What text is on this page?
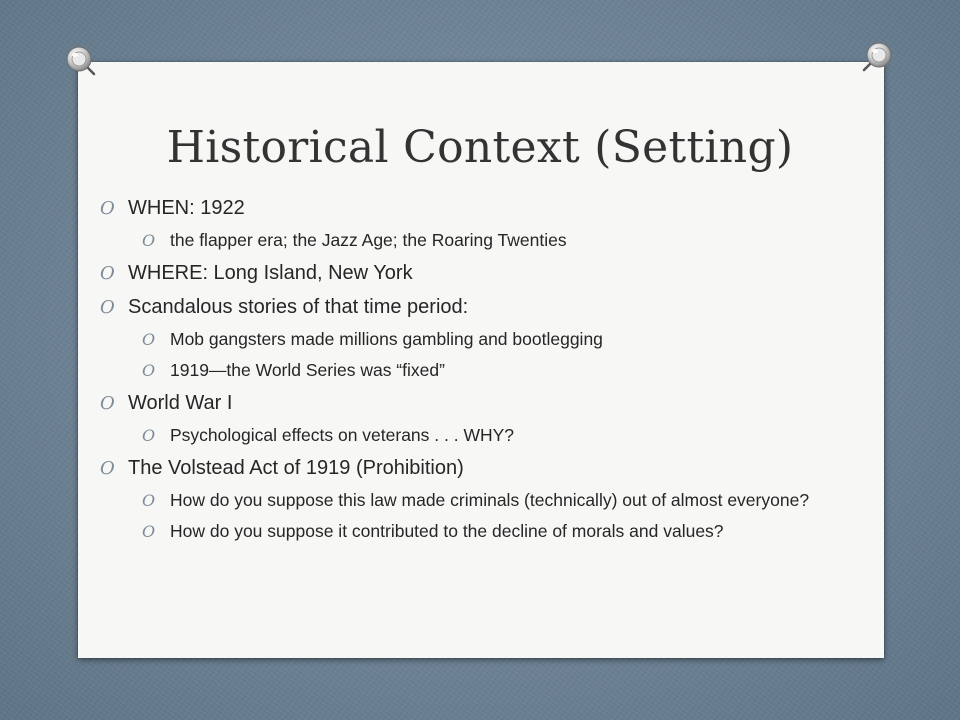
Historical Context (Setting)
O WHEN: 1922
O the flapper era; the Jazz Age; the Roaring Twenties
O WHERE: Long Island, New York
O Scandalous stories of that time period:
O Mob gangsters made millions gambling and bootlegging
O 1919—the World Series was “fixed”
O World War I
O Psychological effects on veterans . . . WHY?
O The Volstead Act of 1919 (Prohibition)
O How do you suppose this law made criminals (technically) out of almost everyone?
O How do you suppose it contributed to the decline of morals and values?
